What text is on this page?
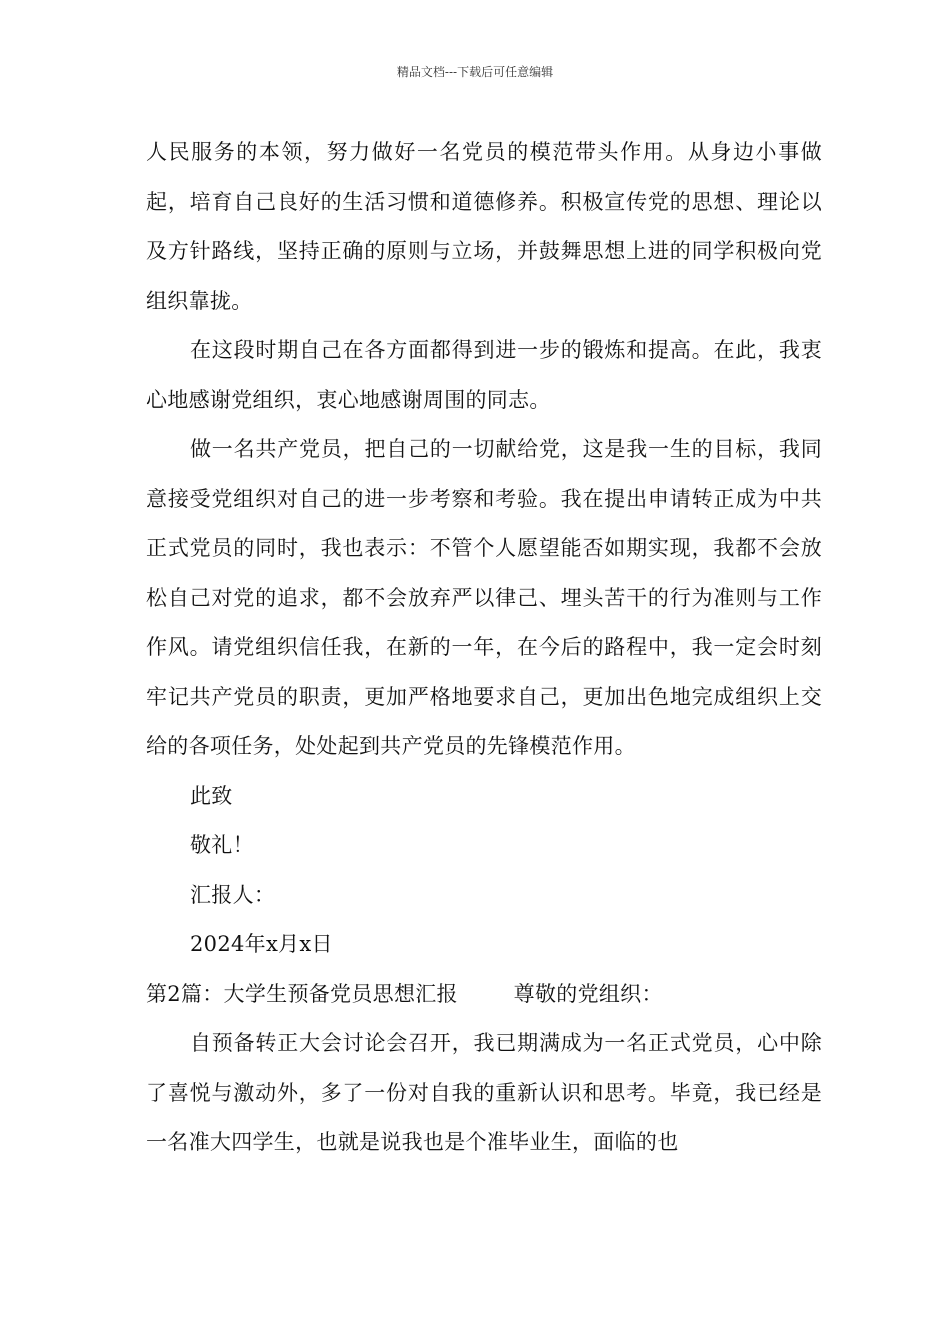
精品文档---下载后可任意编辑

人民服务的本领，努力做好一名党员的模范带头作用。从身边小事做起，培育自己良好的生活习惯和道德修养。积极宣传党的思想、理论以及方针路线，坚持正确的原则与立场，并鼓舞思想上进的同学积极向党组织靠拢。

在这段时期自己在各方面都得到进一步的锻炼和提高。在此，我衷心地感谢党组织，衷心地感谢周围的同志。

做一名共产党员，把自己的一切献给党，这是我一生的目标，我同意接受党组织对自己的进一步考察和考验。我在提出申请转正成为中共正式党员的同时，我也表示：不管个人愿望能否如期实现，我都不会放松自己对党的追求，都不会放弃严以律己、埋头苦干的行为准则与工作作风。请党组织信任我，在新的一年，在今后的路程中，我一定会时刻牢记共产党员的职责，更加严格地要求自己，更加出色地完成组织上交给的各项任务，处处起到共产党员的先锋模范作用。

此致

敬礼！

汇报人：

2024年x月x日

第2篇：大学生预备党员思想汇报	尊敬的党组织：

自预备转正大会讨论会召开，我已期满成为一名正式党员，心中除了喜悦与激动外，多了一份对自我的重新认识和思考。毕竟，我已经是一名准大四学生，也就是说我也是个准毕业生，面临的也
